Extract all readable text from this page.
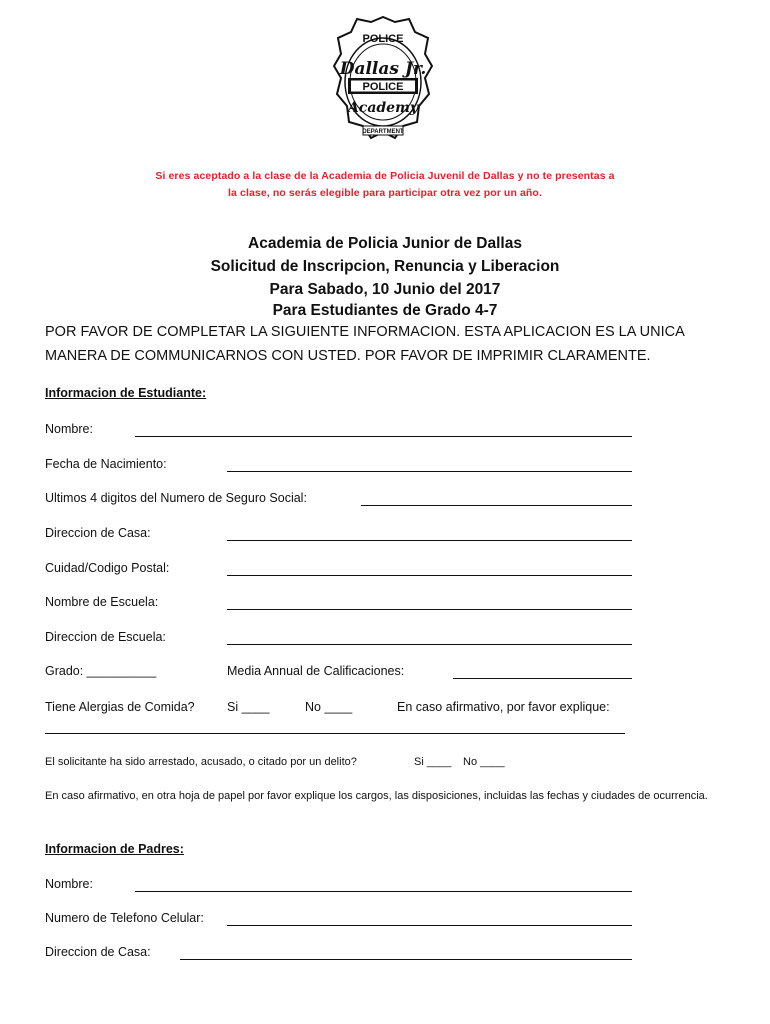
POLICE
Dallas Jr.
POLICE
Academy
DEPARTMENT
Si eres aceptado a la clase de la Academia de Policia Juvenil de Dallas y no te presentas a
la clase, no serás elegible para participar otra vez por un año.
Academia de Policia Junior de Dallas
Solicitud de Inscripcion, Renuncia y Liberacion
Para Sabado, 10 Junio del 2017
Para Estudiantes de Grado 4-7
POR FAVOR DE COMPLETAR LA SIGUIENTE INFORMACION. ESTA APLICACION ES LA UNICA
MANERA DE COMMUNICARNOS CON USTED. POR FAVOR DE IMPRIMIR CLARAMENTE.
Informacion de Estudiante:
Nombre:
Fecha de Nacimiento:
Ultimos 4 digitos del Numero de Seguro Social:
Direccion de Casa:
Cuidad/Codigo Postal:
Nombre de Escuela:
Direccion de Escuela:
Grado: __________	Media Annual de Calificaciones:
Tiene Alergias de Comida?	Si ____	No ____	En caso afirmativo, por favor explique:
El solicitante ha sido arrestado, acusado, o citado por un delito?	Si ____ No ____
En caso afirmativo, en otra hoja de papel por favor explique los cargos, las disposiciones, incluidas las fechas y ciudades de ocurrencia.
Informacion de Padres:
Nombre:
Numero de Telefono Celular:
Direccion de Casa:
